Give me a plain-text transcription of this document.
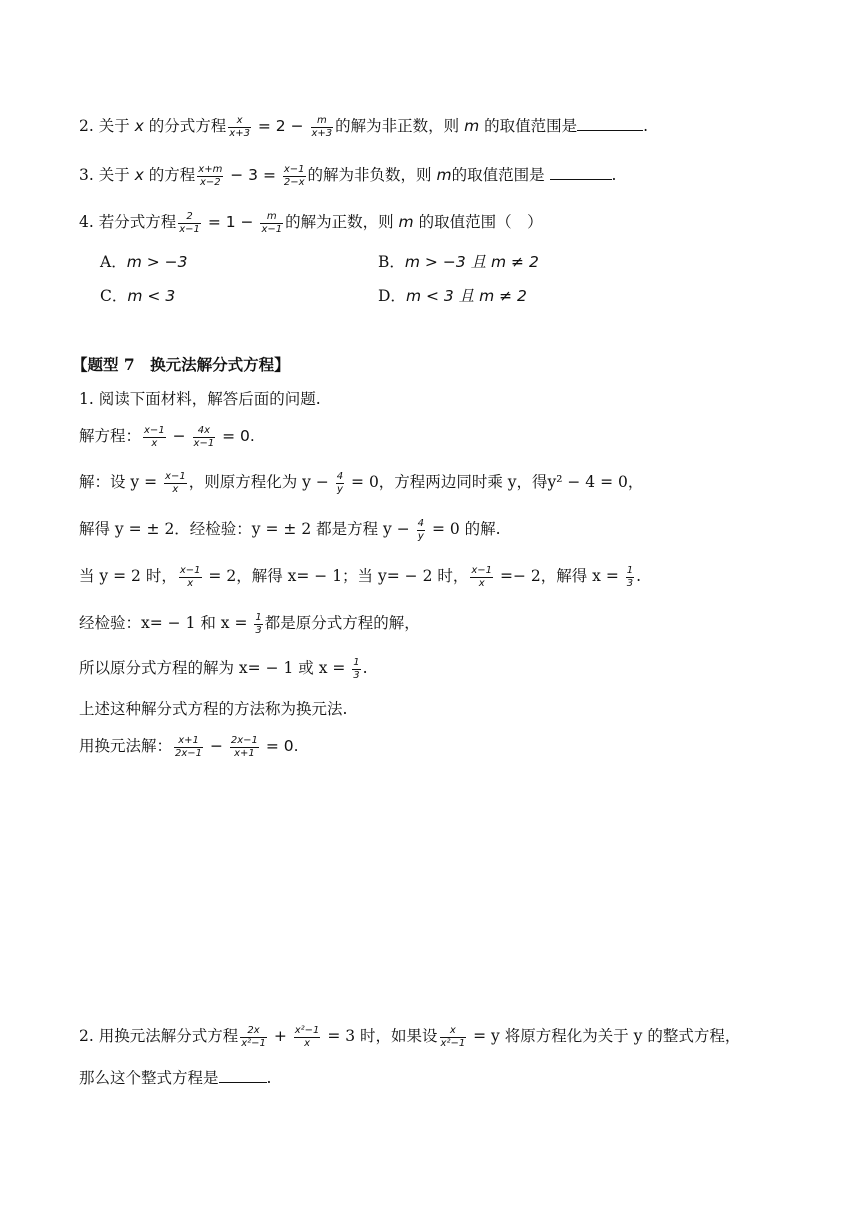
2. 关于 x 的分式方程 $\frac{x}{x+3} = 2 - \frac{m}{x+3}$ 的解为非正数，则 m 的取值范围是	.
3. 关于 x 的方程 $\frac{x+m}{x-2} - 3 = \frac{x-1}{2-x}$ 的解为非负数，则 m的取值范围是	.
4. 若分式方程 $\frac{2}{x-1} = 1 - \frac{m}{x-1}$ 的解为正数，则 m 的取值范围（　）
A．m > −3	B．m > −3 且 m ≠ 2
C．m < 3	D．m < 3 且 m ≠ 2
【题型 7　换元法解分式方程】
1. 阅读下面材料，解答后面的问题.
解方程： $\frac{x-1}{x} - \frac{4x}{x-1} = 0$.
解：设 $y = \frac{x-1}{x}$ ，则原方程化为 $y - \frac{4}{y} = 0$，方程两边同时乘 y，得y² − 4 = 0，
解得 y = ± 2．经检验：y = ± 2 都是方程 $y - \frac{4}{y} = 0$ 的解.
当 y = 2 时， $\frac{x-1}{x} = 2$，解得 x= − 1；当 y= − 2 时， $\frac{x-1}{x} =- 2$，解得 $x = \frac{1}{3}$ .
经检验：x= − 1 和 $x = \frac{1}{3}$ 都是原分式方程的解，
所以原分式方程的解为 x= − 1 或 $x = \frac{1}{3}$ .
上述这种解分式方程的方法称为换元法.
用换元法解： $\frac{x+1}{2x-1} - \frac{2x-1}{x+1} = 0$.
2. 用换元法解分式方程 $\frac{2x}{\text{x²−1}} + \frac{\text{x²−1}}{x} = 3$ 时，如果设 $\frac{x}{\text{x²−1}} = y$ 将原方程化为关于 y 的整式方程，
那么这个整式方程是	.
